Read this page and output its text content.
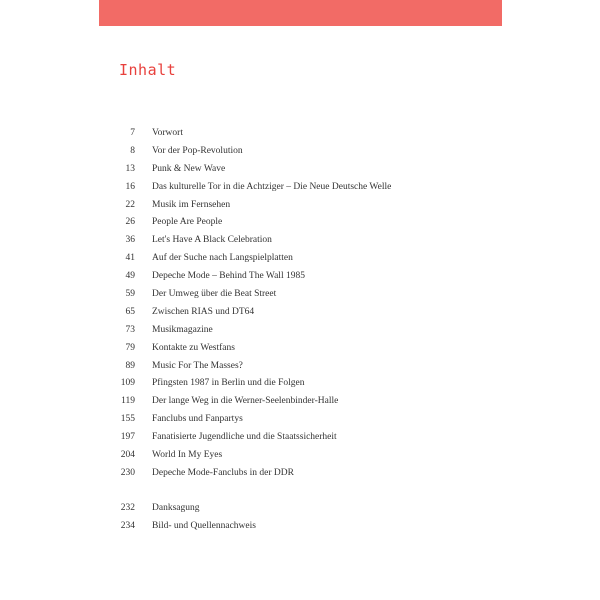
Inhalt
7 Vorwort
8 Vor der Pop-Revolution
13 Punk & New Wave
16 Das kulturelle Tor in die Achtziger – Die Neue Deutsche Welle
22 Musik im Fernsehen
26 People Are People
36 Let's Have A Black Celebration
41 Auf der Suche nach Langspielplatten
49 Depeche Mode – Behind The Wall 1985
59 Der Umweg über die Beat Street
65 Zwischen RIAS und DT64
73 Musikmagazine
79 Kontakte zu Westfans
89 Music For The Masses?
109 Pfingsten 1987 in Berlin und die Folgen
119 Der lange Weg in die Werner-Seelenbinder-Halle
155 Fanclubs und Fanpartys
197 Fanatisierte Jugendliche und die Staatssicherheit
204 World In My Eyes
230 Depeche Mode-Fanclubs in der DDR
232 Danksagung
234 Bild- und Quellennachweis
